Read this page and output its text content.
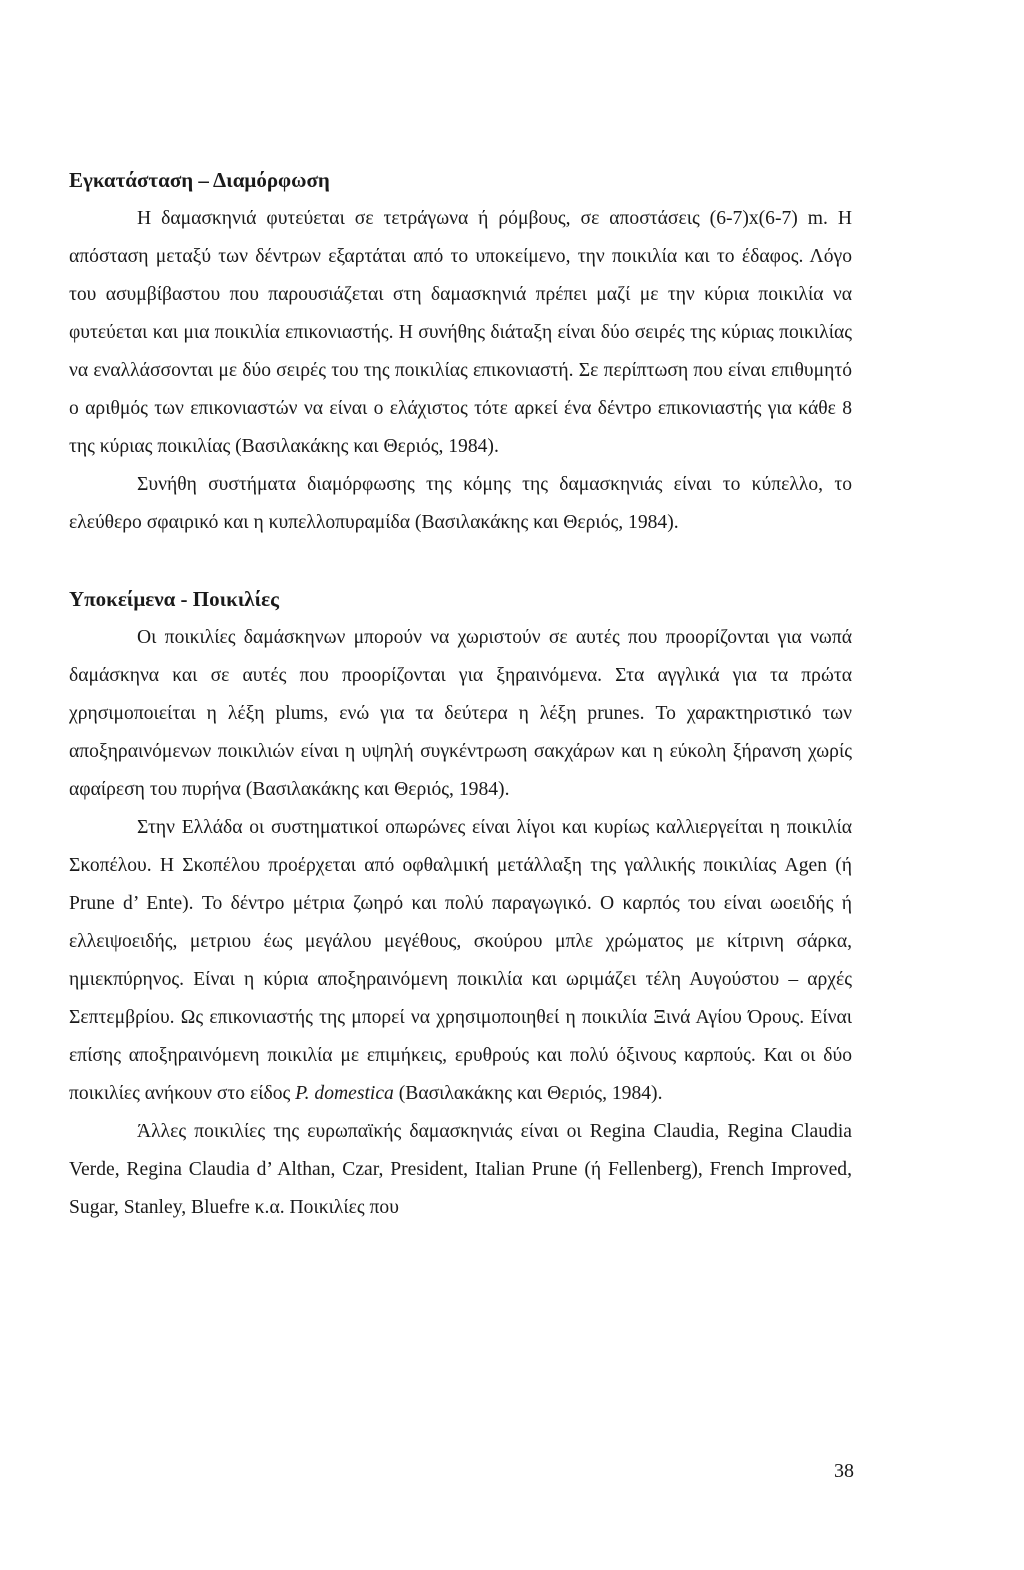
Εγκατάσταση – Διαμόρφωση

Η δαμασκηνιά φυτεύεται σε τετράγωνα ή ρόμβους, σε αποστάσεις (6-7)x(6-7) m. Η απόσταση μεταξύ των δέντρων εξαρτάται από το υποκείμενο, την ποικιλία και το έδαφος. Λόγο του ασυμβίβαστου που παρουσιάζεται στη δαμασκηνιά πρέπει μαζί με την κύρια ποικιλία να φυτεύεται και μια ποικιλία επικονιαστής. Η συνήθης διάταξη είναι δύο σειρές της κύριας ποικιλίας να εναλλάσσονται με δύο σειρές του της ποικιλίας επικονιαστή. Σε περίπτωση που είναι επιθυμητό ο αριθμός των επικονιαστών να είναι ο ελάχιστος τότε αρκεί ένα δέντρο επικονιαστής για κάθε 8 της κύριας ποικιλίας (Βασιλακάκης και Θεριός, 1984).

Συνήθη συστήματα διαμόρφωσης της κόμης της δαμασκηνιάς είναι το κύπελλο, το ελεύθερο σφαιρικό και η κυπελλοπυραμίδα (Βασιλακάκης και Θεριός, 1984).

Υποκείμενα - Ποικιλίες

Οι ποικιλίες δαμάσκηνων μπορούν να χωριστούν σε αυτές που προορίζονται για νωπά δαμάσκηνα και σε αυτές που προορίζονται για ξηραινόμενα. Στα αγγλικά για τα πρώτα χρησιμοποιείται η λέξη plums, ενώ για τα δεύτερα η λέξη prunes. Το χαρακτηριστικό των αποξηραινόμενων ποικιλιών είναι η υψηλή συγκέντρωση σακχάρων και η εύκολη ξήρανση χωρίς αφαίρεση του πυρήνα (Βασιλακάκης και Θεριός, 1984).

Στην Ελλάδα οι συστηματικοί οπωρώνες είναι λίγοι και κυρίως καλλιεργείται η ποικιλία Σκοπέλου. Η Σκοπέλου προέρχεται από οφθαλμική μετάλλαξη της γαλλικής ποικιλίας Agen (ή Prune d’ Ente). Το δέντρο μέτρια ζωηρό και πολύ παραγωγικό. Ο καρπός του είναι ωοειδής ή ελλειψοειδής, μετριου έως μεγάλου μεγέθους, σκούρου μπλε χρώματος με κίτρινη σάρκα, ημιεκπύρηνος. Είναι η κύρια αποξηραινόμενη ποικιλία και ωριμάζει τέλη Αυγούστου – αρχές Σεπτεμβρίου. Ως επικονιαστής της μπορεί να χρησιμοποιηθεί η ποικιλία Ξινά Αγίου Όρους. Είναι επίσης αποξηραινόμενη ποικιλία με επιμήκεις, ερυθρούς και πολύ όξινους καρπούς. Και οι δύο ποικιλίες ανήκουν στο είδος P. domestica (Βασιλακάκης και Θεριός, 1984).

Άλλες ποικιλίες της ευρωπαϊκής δαμασκηνιάς είναι οι Regina Claudia, Regina Claudia Verde, Regina Claudia d’ Althan, Czar, President, Italian Prune (ή Fellenberg), French Improved, Sugar, Stanley, Bluefre κ.α. Ποικιλίες που

38
